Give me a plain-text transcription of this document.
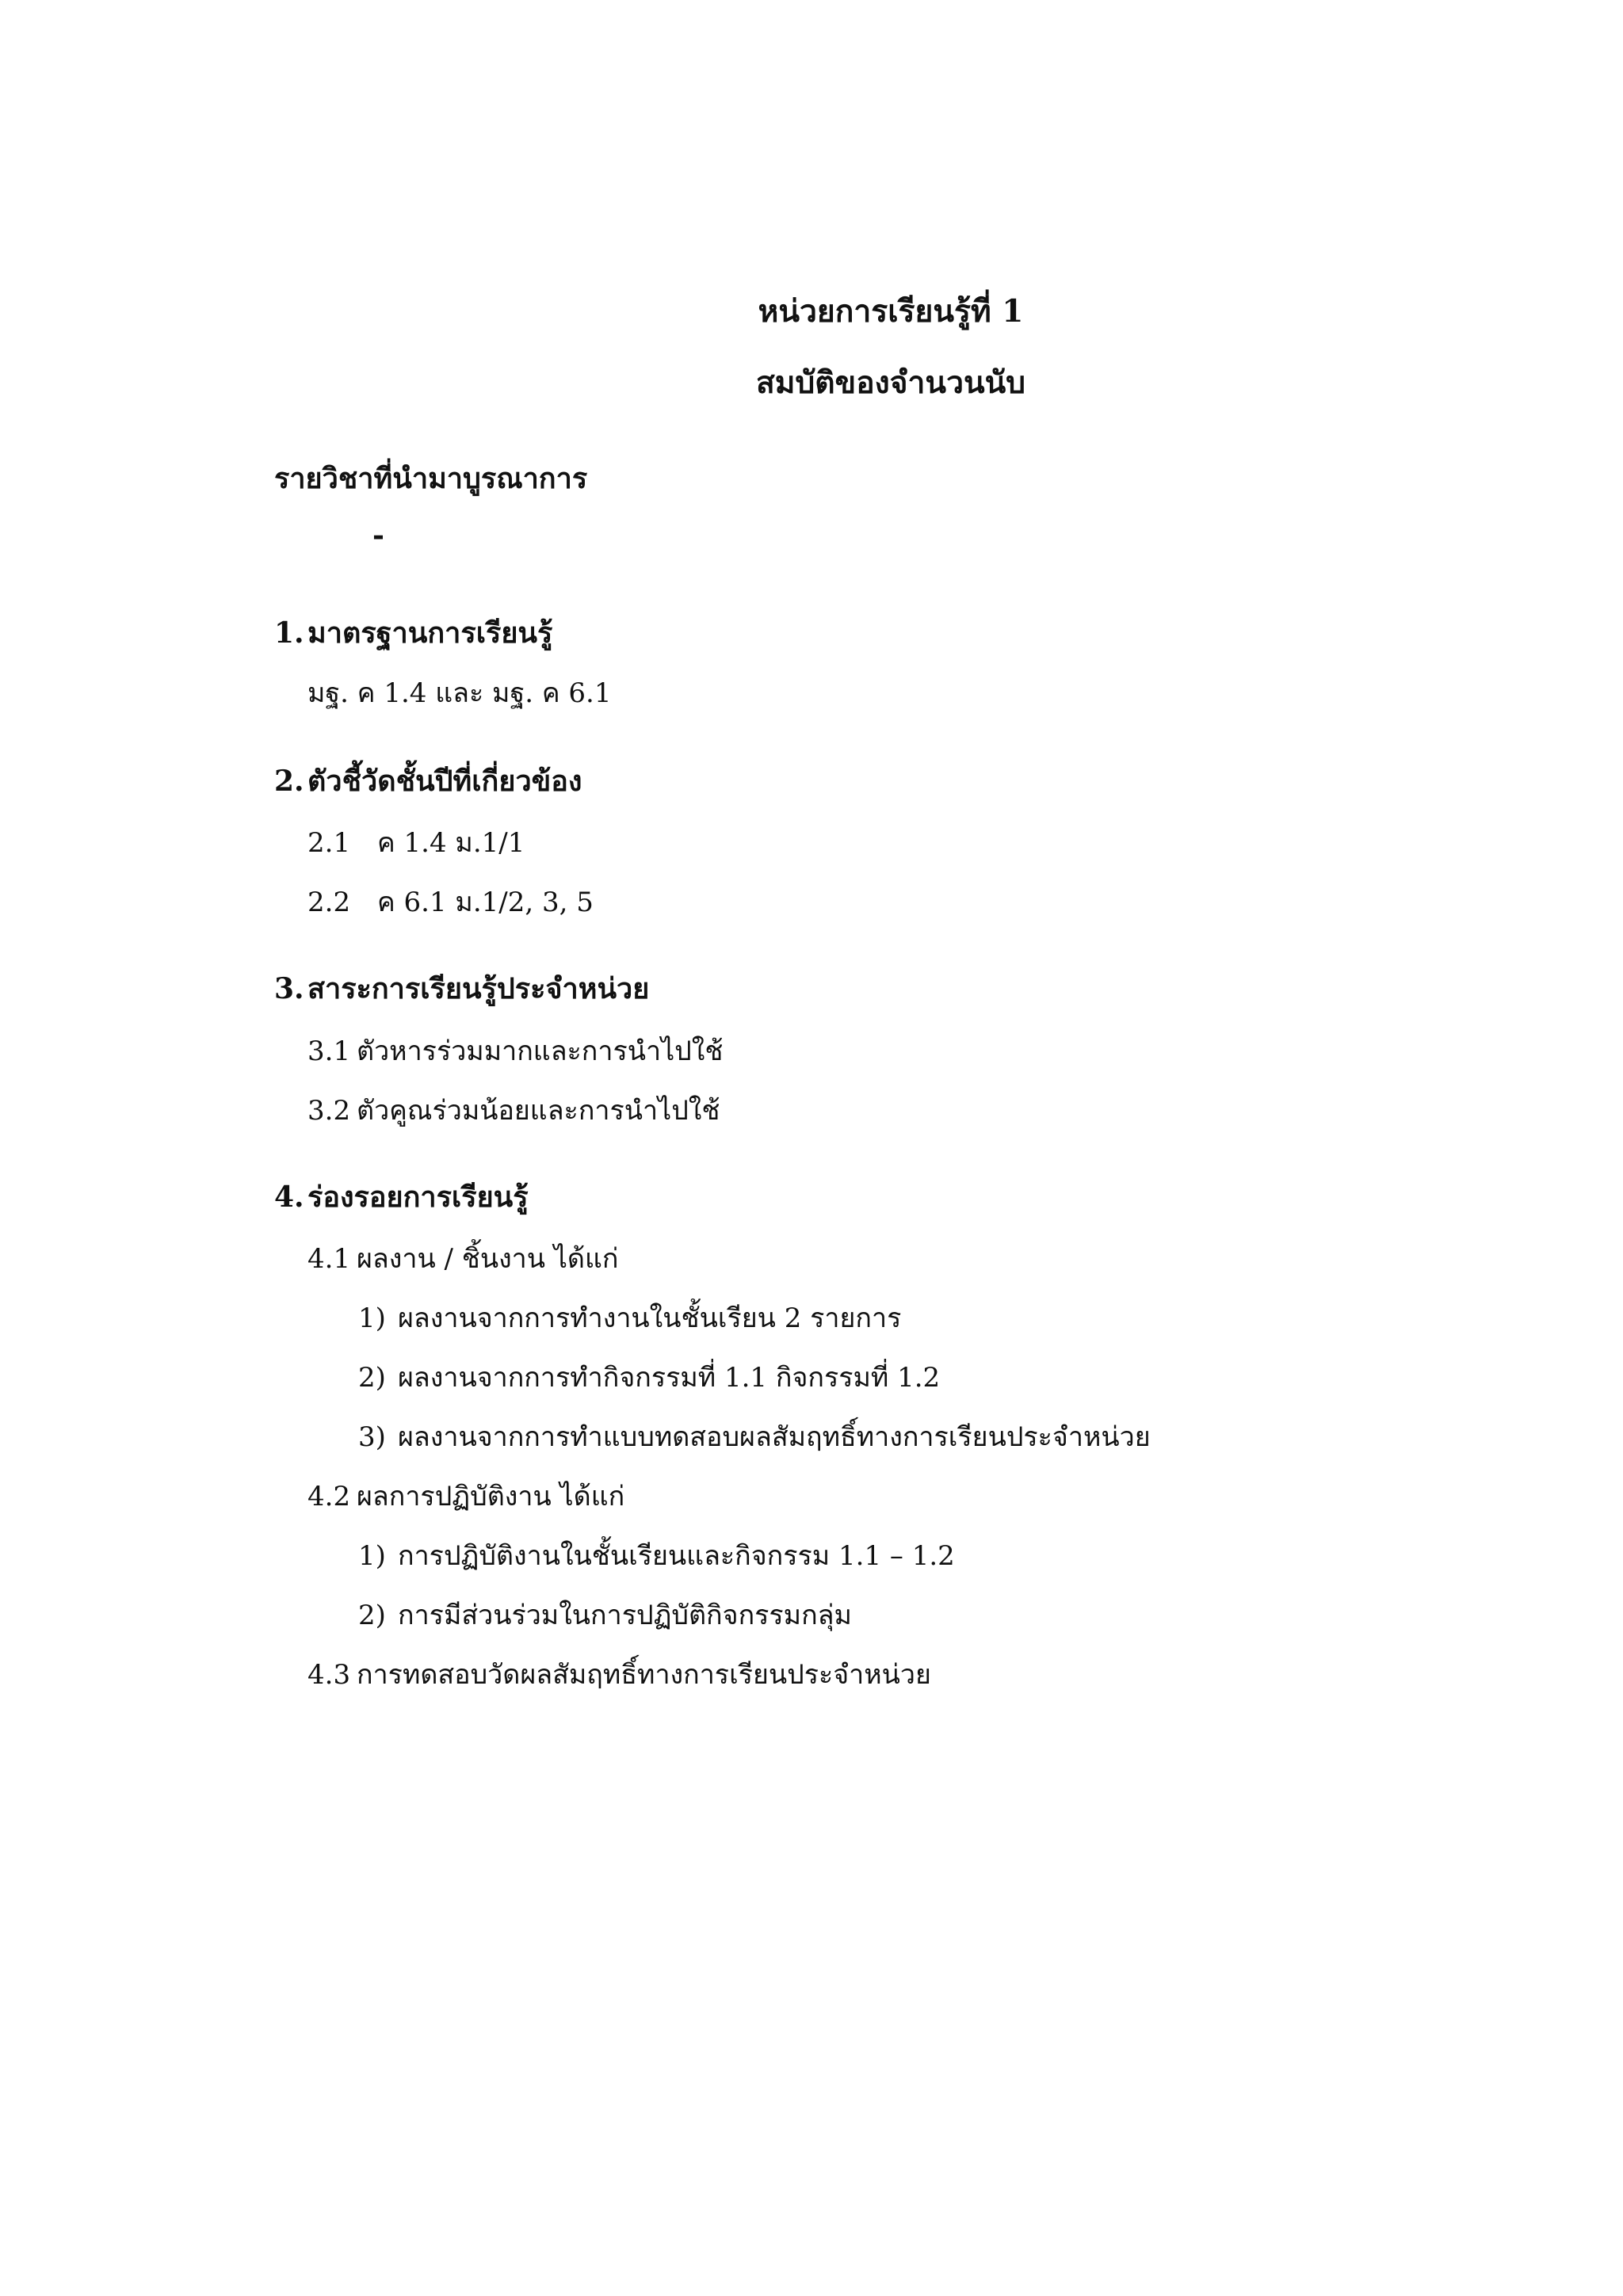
หน่วยการเรียนรู้ที่ 1
สมบัติของจำนวนนับ
รายวิชาที่นำมาบูรณาการ
-
1. มาตรฐานการเรียนรู้
มฐ. ค 1.4 และ มฐ. ค 6.1
2. ตัวชี้วัดชั้นปีที่เกี่ยวข้อง
2.1 ค 1.4 ม.1/1
2.2 ค 6.1 ม.1/2, 3, 5
3. สาระการเรียนรู้ประจำหน่วย
3.1 ตัวหารร่วมมากและการนำไปใช้
3.2 ตัวคูณร่วมน้อยและการนำไปใช้
4. ร่องรอยการเรียนรู้
4.1 ผลงาน / ชิ้นงาน ได้แก่
1) ผลงานจากการทำงานในชั้นเรียน 2 รายการ
2) ผลงานจากการทำกิจกรรมที่ 1.1 กิจกรรมที่ 1.2
3) ผลงานจากการทำแบบทดสอบผลสัมฤทธิ์ทางการเรียนประจำหน่วย
4.2 ผลการปฏิบัติงาน ได้แก่
1) การปฏิบัติงานในชั้นเรียนและกิจกรรม 1.1 – 1.2
2) การมีส่วนร่วมในการปฏิบัติกิจกรรมกลุ่ม
4.3 การทดสอบวัดผลสัมฤทธิ์ทางการเรียนประจำหน่วย
